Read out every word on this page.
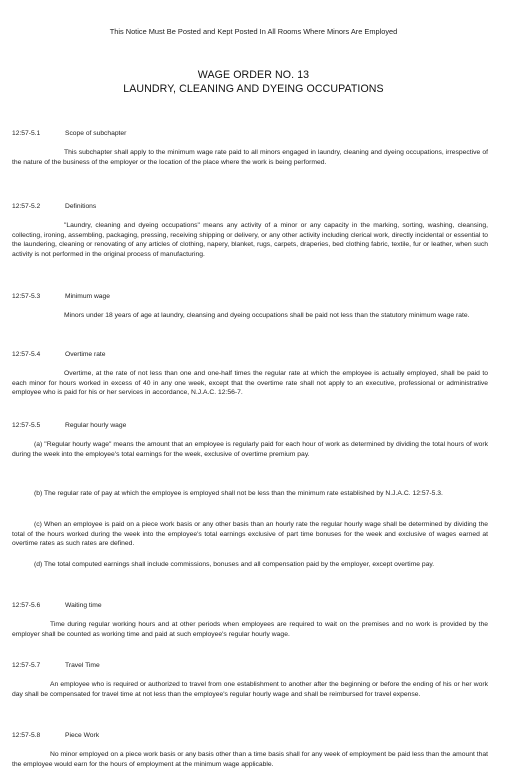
This Notice Must Be Posted and Kept Posted In All Rooms Where Minors Are Employed
WAGE ORDER NO. 13
LAUNDRY, CLEANING AND DYEING OCCUPATIONS
12:57-5.1	Scope of subchapter
This subchapter shall apply to the minimum wage rate paid to all minors engaged in laundry, cleaning and dyeing occupations, irrespective of the nature of the business of the employer or the location of the place where the work is being performed.
12:57-5.2	Definitions
"Laundry, cleaning and dyeing occupations" means any activity of a minor or any capacity in the marking, sorting, washing, cleansing, collecting, ironing, assembling, packaging, pressing, receiving shipping or delivery, or any other activity including clerical work, directly incidental or essential to the laundering, cleaning or renovating of any articles of clothing, napery, blanket, rugs, carpets, draperies, bed clothing fabric, textile, fur or leather, when such activity is not performed in the original process of manufacturing.
12:57-5.3	Minimum wage
Minors under 18 years of age at laundry, cleansing and dyeing occupations shall be paid not less than the statutory minimum wage rate.
12:57-5.4	Overtime rate
Overtime, at the rate of not less than one and one-half times the regular rate at which the employee is actually employed, shall be paid to each minor for hours worked in excess of 40 in any one week, except that the overtime rate shall not apply to an executive, professional or administrative employee who is paid for his or her services in accordance, N.J.A.C. 12:56-7.
12:57-5.5	Regular hourly wage
(a) "Regular hourly wage" means the amount that an employee is regularly paid for each hour of work as determined by dividing the total hours of work during the week into the employee's total earnings for the week, exclusive of overtime premium pay.
(b) The regular rate of pay at which the employee is employed shall not be less than the minimum rate established by N.J.A.C. 12:57-5.3.
(c) When an employee is paid on a piece work basis or any other basis than an hourly rate the regular hourly wage shall be determined by dividing the total of the hours worked during the week into the employee's total earnings exclusive of part time bonuses for the week and exclusive of wages earned at overtime rates as such rates are defined.
(d) The total computed earnings shall include commissions, bonuses and all compensation paid by the employer, except overtime pay.
12:57-5.6	Waiting time
Time during regular working hours and at other periods when employees are required to wait on the premises and no work is provided by the employer shall be counted as working time and paid at such employee's regular hourly wage.
12:57-5.7	Travel Time
An employee who is required or authorized to travel from one establishment to another after the beginning or before the ending of his or her work day shall be compensated for travel time at not less than the employee's regular hourly wage and shall be reimbursed for travel expense.
12:57-5.8	Piece Work
No minor employed on a piece work basis or any basis other than a time basis shall for any week of employment be paid less than the amount that the employee would earn for the hours of employment at the minimum wage applicable.
